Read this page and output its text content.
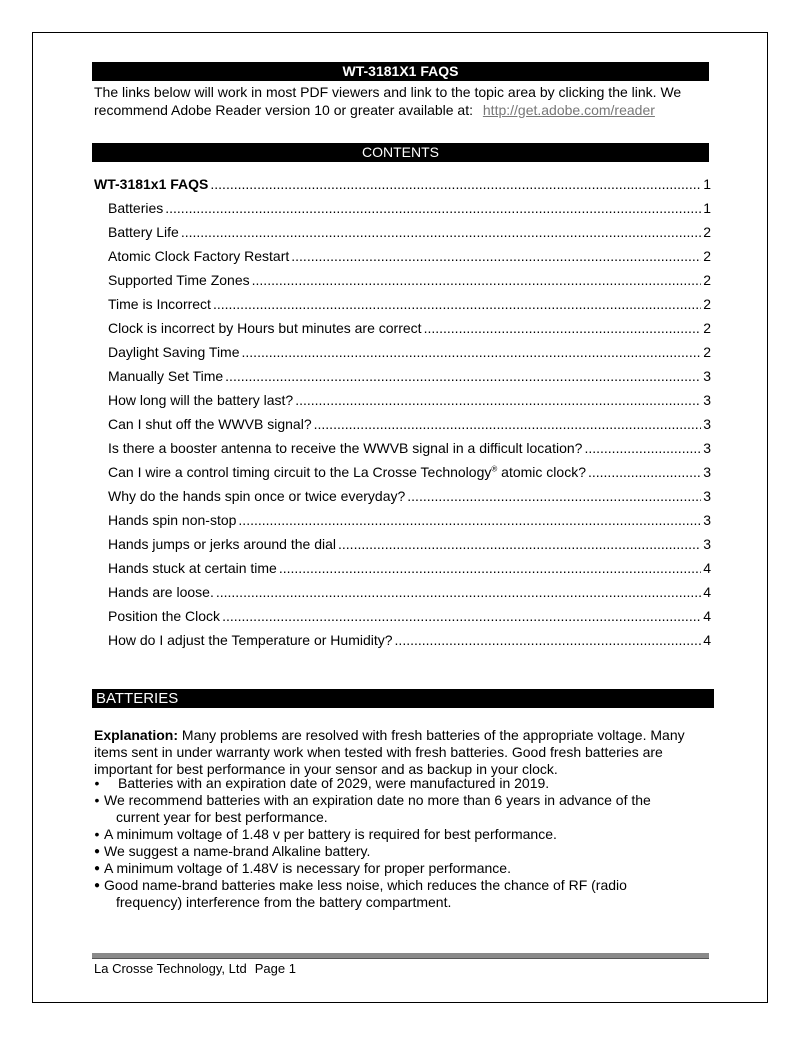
WT-3181X1 FAQS
The links below will work in most PDF viewers and link to the topic area by clicking the link. We recommend Adobe Reader version 10 or greater available at: http://get.adobe.com/reader
CONTENTS
WT-3181x1 FAQS .....	1
Batteries .....	1
Battery Life .....	2
Atomic Clock Factory Restart .....	2
Supported Time Zones .....	2
Time is Incorrect .....	2
Clock is incorrect by Hours but minutes are correct .....	2
Daylight Saving Time .....	2
Manually Set Time .....	3
How long will the battery last? .....	3
Can I shut off the WWVB signal? .....	3
Is there a booster antenna to receive the WWVB signal in a difficult location? .....	3
Can I wire a control timing circuit to the La Crosse Technology® atomic clock? .....	3
Why do the hands spin once or twice everyday? .....	3
Hands spin non-stop .....	3
Hands jumps or jerks around the dial .....	3
Hands stuck at certain time .....	4
Hands are loose. .....	4
Position the Clock .....	4
How do I adjust the Temperature or Humidity? .....	4
BATTERIES
Explanation: Many problems are resolved with fresh batteries of the appropriate voltage. Many items sent in under warranty work when tested with fresh batteries. Good fresh batteries are important for best performance in your sensor and as backup in your clock.
•	Batteries with an expiration date of 2029, were manufactured in 2019.
• We recommend batteries with an expiration date no more than 6 years in advance of the
current year for best performance.
• A minimum voltage of 1.48 v per battery is required for best performance.
● We suggest a name-brand Alkaline battery.
● A minimum voltage of 1.48V is necessary for proper performance.
● Good name-brand batteries make less noise, which reduces the chance of RF (radio
frequency) interference from the battery compartment.
La Crosse Technology, Ltd Page 1
